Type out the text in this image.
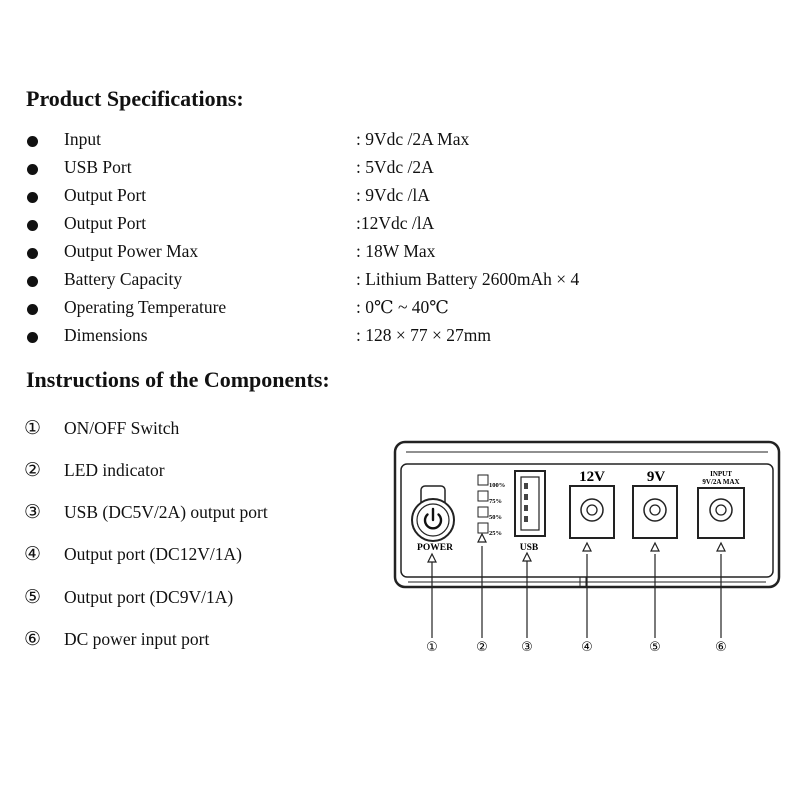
Product Specifications:
Input	: 9Vdc /2A Max
USB Port	: 5Vdc /2A
Output Port	: 9Vdc /lA
Output Port	:12Vdc /lA
Output Power Max	: 18W Max
Battery Capacity	: Lithium Battery 2600mAh × 4
Operating Temperature	: 0℃ ~ 40℃
Dimensions	: 128 × 77 × 27mm
Instructions of the Components:
① ON/OFF Switch
② LED indicator
③ USB (DC5V/2A) output port
④ Output port (DC12V/1A)
⑤ Output port (DC9V/1A)
⑥ DC power input port
POWER
100%
75%
50%
25%
USB
12V	9V	INPUT
9V/2A MAX
①	②	③	④	⑤	⑥
